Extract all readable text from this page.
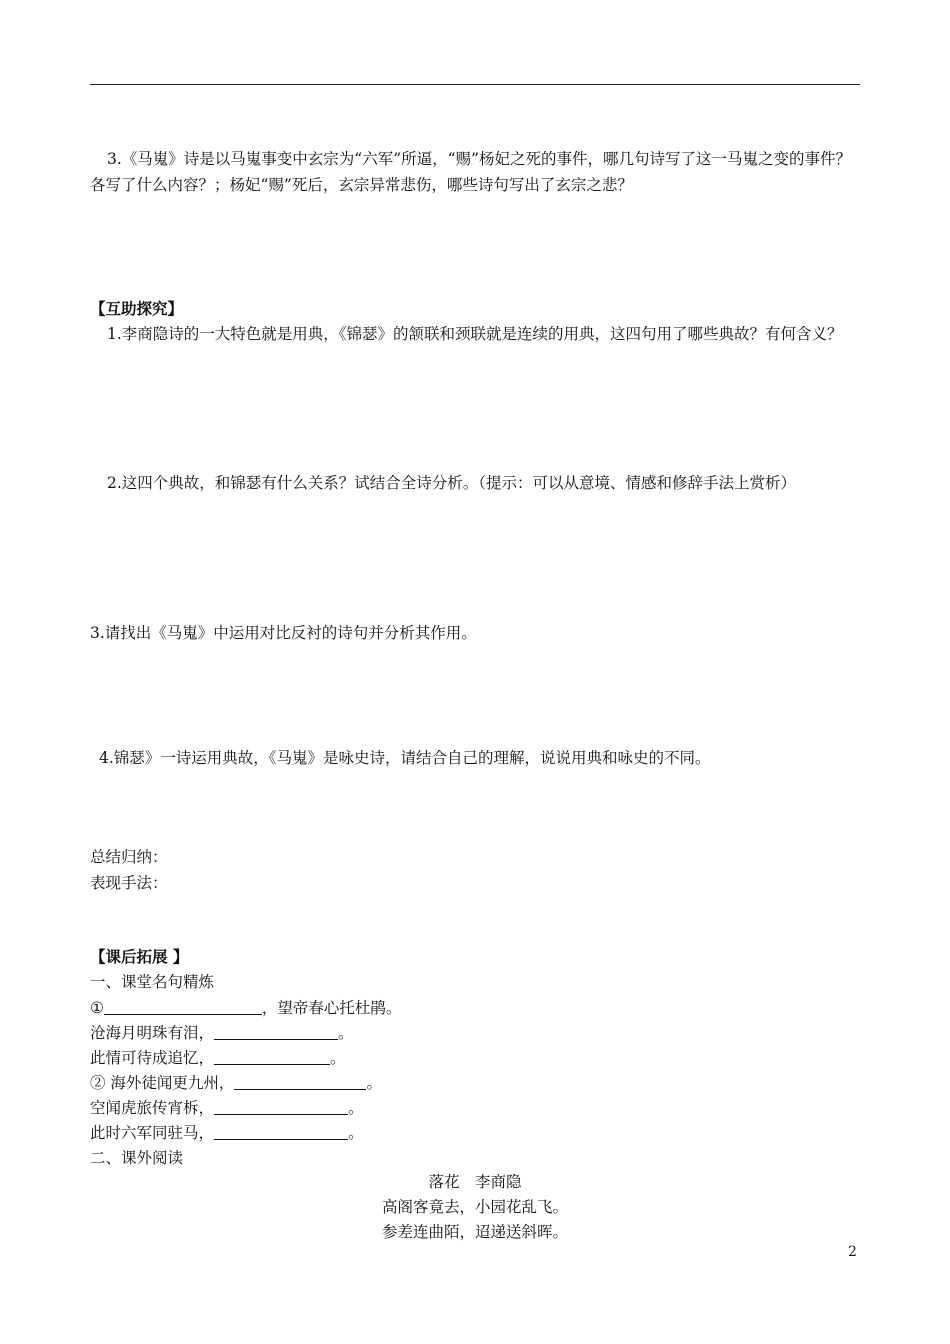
3.《马嵬》诗是以马嵬事变中玄宗为“六军”所逼，“赐”杨妃之死的事件，哪几句诗写了这一马嵬之变的事件？各写了什么内容？；杨妃“赐”死后，玄宗异常悲伤，哪些诗句写出了玄宗之悲？
【互助探究】
1.李商隐诗的一大特色就是用典，《锦瑟》的颔联和颈联就是连续的用典，这四句用了哪些典故？有何含义？
2.这四个典故，和锦瑟有什么关系？试结合全诗分析。（提示：可以从意境、情感和修辞手法上赏析）
3.请找出《马嵬》中运用对比反衬的诗句并分析其作用。
4.锦瑟》一诗运用典故，《马嵬》是咏史诗，请结合自己的理解，说说用典和咏史的不同。
总结归纳：
表现手法：
【课后拓展 】
一、课堂名句精炼
①	，望帝春心托杜鹃。
沧海月明珠有泪，	。
此情可待成追忆，	。
② 海外徒闻更九州，	。
空闻虎旅传宵柝，	。
此时六军同驻马，	。
二、课外阅读
落花　李商隐
高阁客竟去，小园花乱飞。
参差连曲陌，迢递送斜晖。
2
